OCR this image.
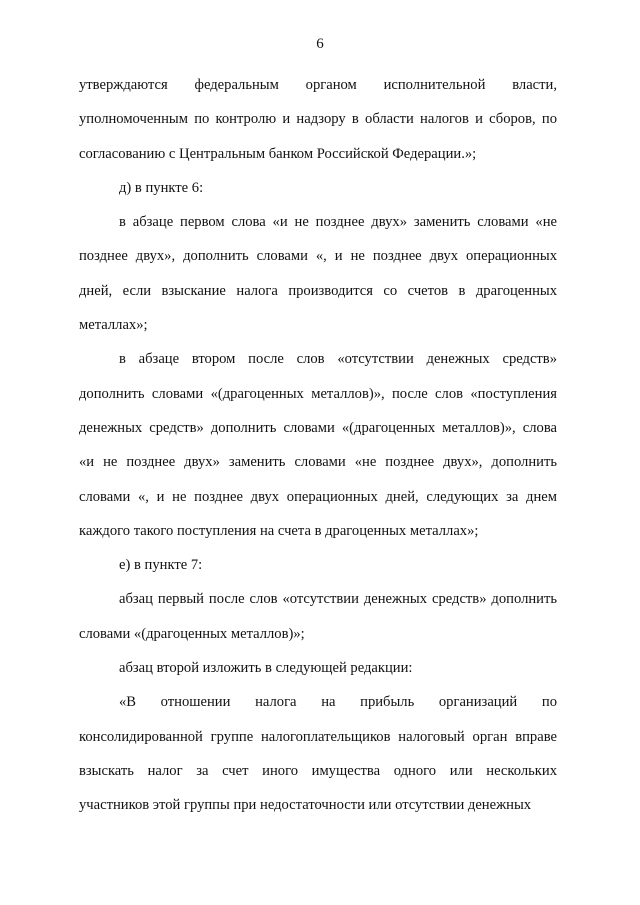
6
утверждаются федеральным органом исполнительной власти,
уполномоченным по контролю и надзору в области налогов и сборов, по
согласованию с Центральным банком Российской Федерации.»;
д) в пункте 6:
в абзаце первом слова «и не позднее двух» заменить словами «не
позднее двух», дополнить словами «, и не позднее двух операционных
дней, если взыскание налога производится со счетов в драгоценных
металлах»;
в абзаце втором после слов «отсутствии денежных средств»
дополнить словами «(драгоценных металлов)», после слов «поступления
денежных средств» дополнить словами «(драгоценных металлов)», слова
«и не позднее двух» заменить словами «не позднее двух», дополнить
словами «, и не позднее двух операционных дней, следующих за днем
каждого такого поступления на счета в драгоценных металлах»;
е) в пункте 7:
абзац первый после слов «отсутствии денежных средств» дополнить
словами «(драгоценных металлов)»;
абзац второй изложить в следующей редакции:
«В отношении налога на прибыль организаций по
консолидированной группе налогоплательщиков налоговый орган вправе
взыскать налог за счет иного имущества одного или нескольких
участников этой группы при недостаточности или отсутствии денежных
